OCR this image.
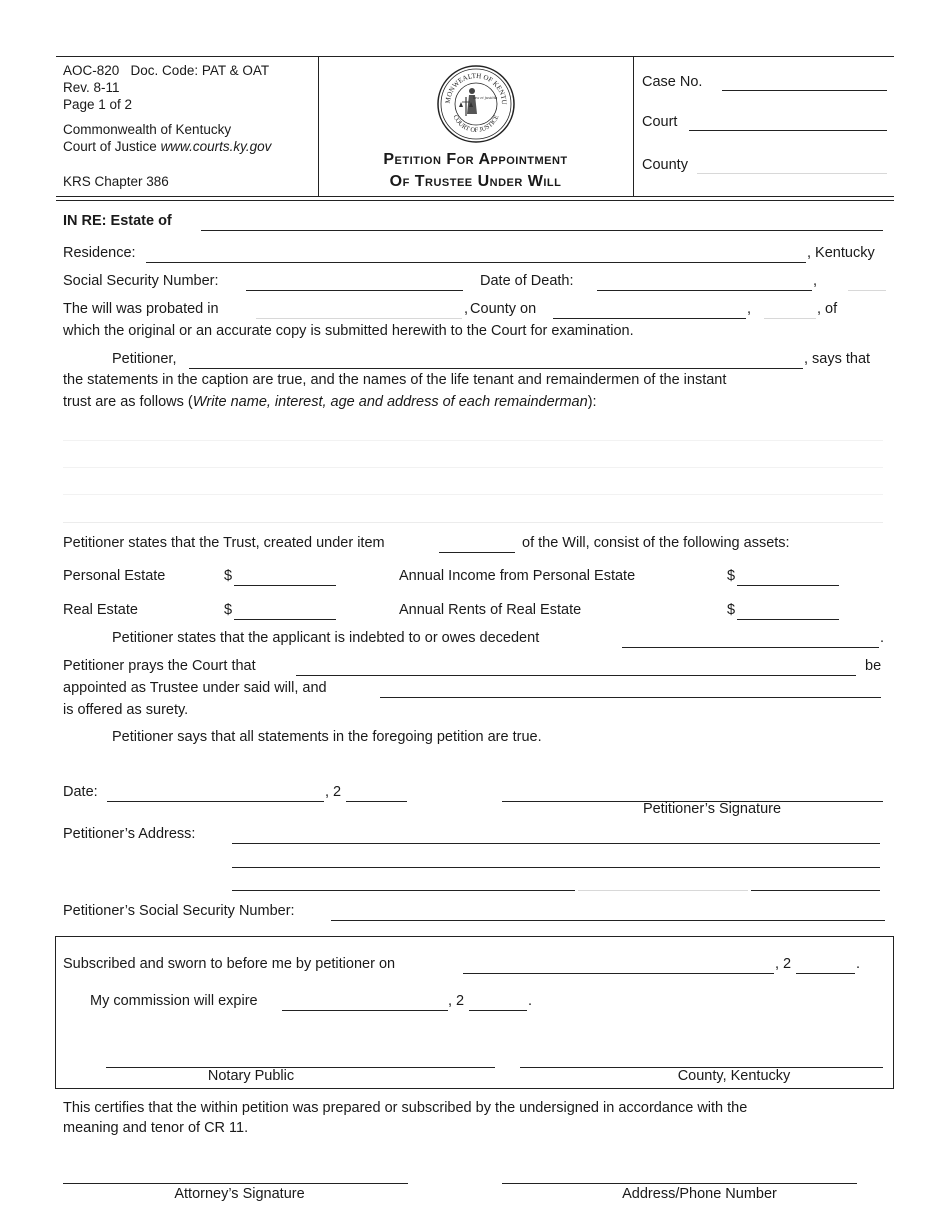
AOC-820 Doc. Code: PAT & OAT
Rev. 8-11
Page 1 of 2
Commonwealth of Kentucky
Court of Justice www.courts.ky.gov
KRS Chapter 386
MONWEALTH OF KENTU
COURT OF JUSTICE
law et justitia
Petition For Appointment
Of Trustee Under Will
Case No.
Court
County
IN RE: Estate of
Residence:	, Kentucky
Social Security Number:	Date of Death:	,
The will was probated in	, County on	,	, of
which the original or an accurate copy is submitted herewith to the Court for examination.
Petitioner,	, says that
the statements in the caption are true, and the names of the life tenant and remaindermen of the instant
trust are as follows (Write name, interest, age and address of each remainderman):
Petitioner states that the Trust, created under item	of the Will, consist of the following assets:
Personal Estate	$	Annual Income from Personal Estate	$
Real Estate	$	Annual Rents of Real Estate	$
Petitioner states that the applicant is indebted to or owes decedent	.
Petitioner prays the Court that	be
appointed as Trustee under said will, and
is offered as surety.
Petitioner says that all statements in the foregoing petition are true.
Date:	, 2
Petitioner’s Signature
Petitioner’s Address:
Petitioner’s Social Security Number:
Subscribed and sworn to before me by petitioner on	, 2	.
My commission will expire	, 2	.
Notary Public	County, Kentucky
This certifies that the within petition was prepared or subscribed by the undersigned in accordance with the
meaning and tenor of CR 11.
Attorney’s Signature	Address/Phone Number
